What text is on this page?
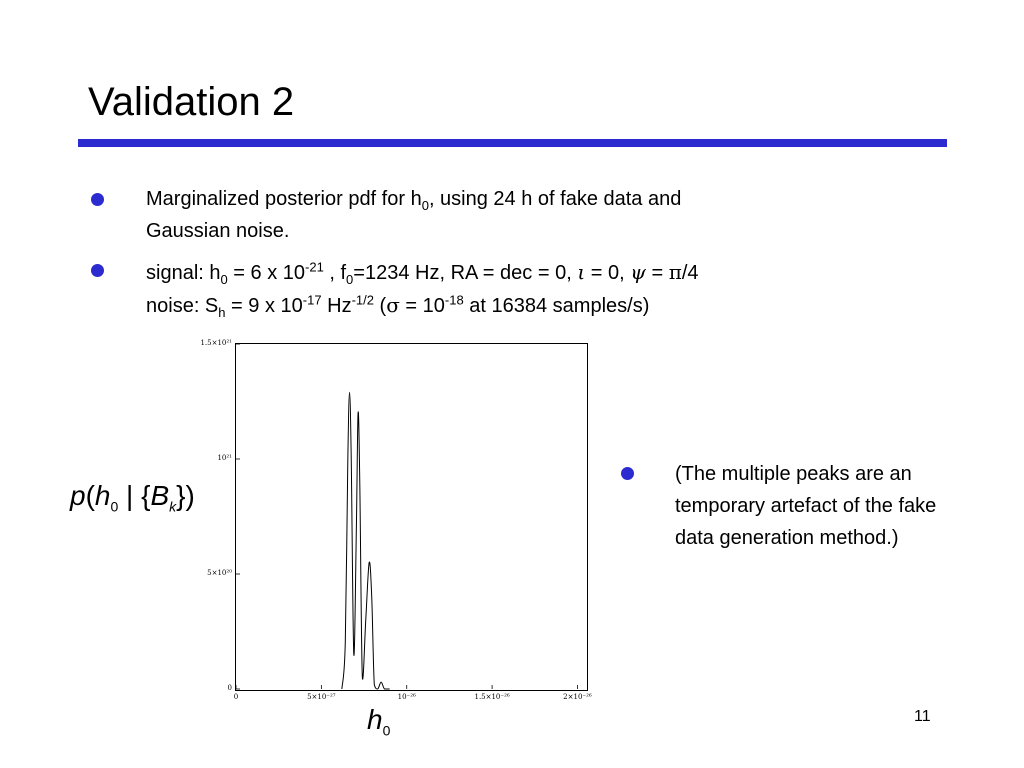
Validation 2
Marginalized posterior pdf for $h_0$, using 24 h of fake data and
Gaussian noise.
signal: $h_0 = 6$ x $10^{-21}$ , $f_0=1234$ Hz, RA = dec = 0, ι = 0, ψ = π/4
noise: $S_h = 9$ x $10^{-17}$ $Hz^{-1/2}$ ($\sigma = 10^{-18}$ at 16384 samples/s)
(The multiple peaks are an
temporary artefact of the fake
data generation method.)
$p(h_0$ | $\{B_k\}$)
0
5×10²⁰
10²¹
1.5×10²¹
0	5×10⁻²⁷	10⁻²⁶	1.5×10⁻²⁶	2×10⁻²⁶
$h_0$
11
